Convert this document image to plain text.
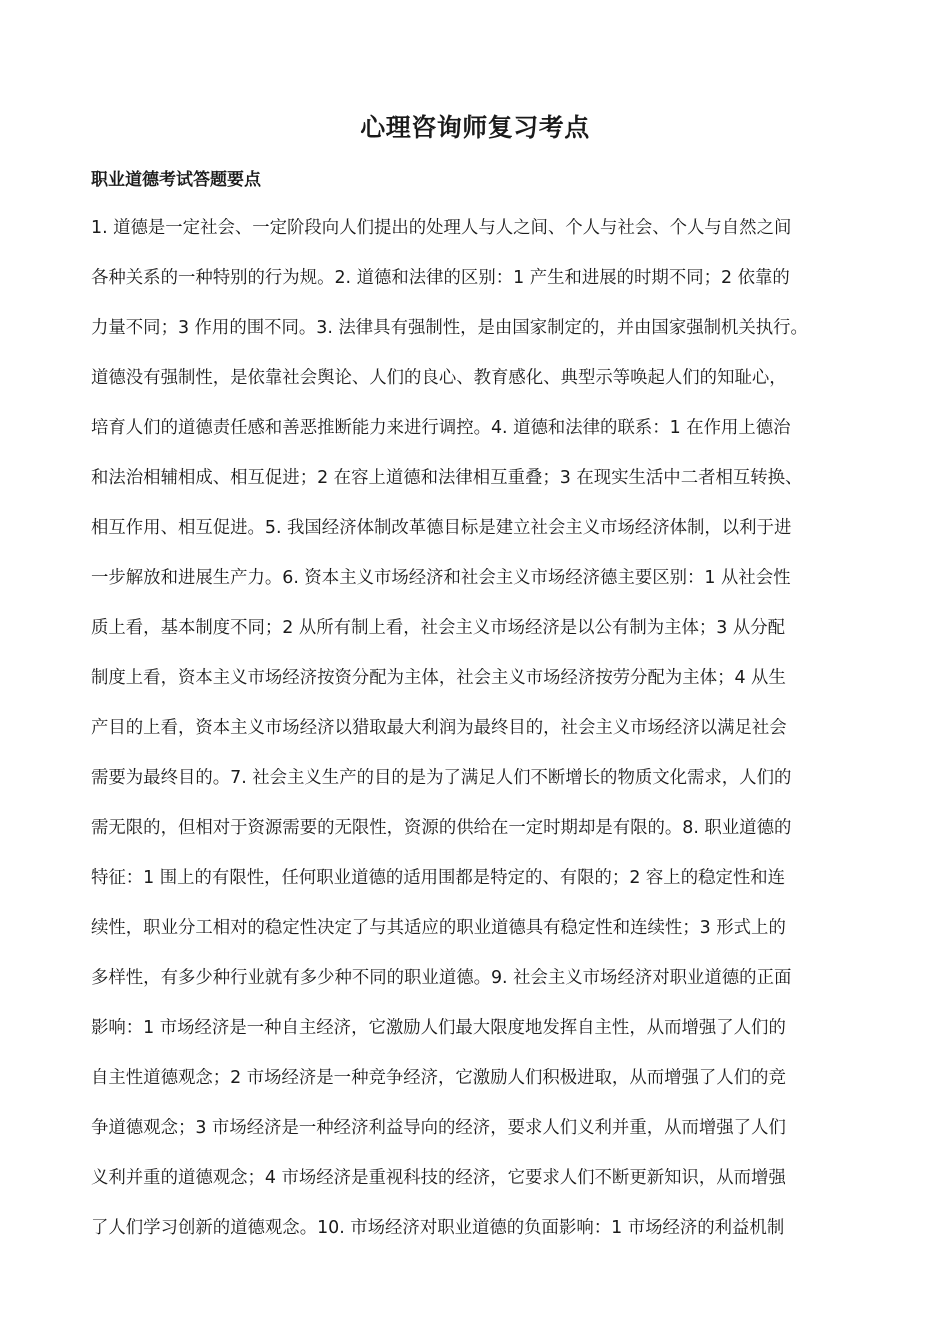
心理咨询师复习考点
职业道德考试答题要点

1. 道德是一定社会、一定阶段向人们提出的处理人与人之间、个人与社会、个人与自然之间

各种关系的一种特别的行为规。2. 道德和法律的区别：1 产生和进展的时期不同；2 依靠的

力量不同；3 作用的围不同。3. 法律具有强制性，是由国家制定的，并由国家强制机关执行。

道德没有强制性，是依靠社会舆论、人们的良心、教育感化、典型示等唤起人们的知耻心，

培育人们的道德责任感和善恶推断能力来进行调控。4. 道德和法律的联系：1 在作用上德治

和法治相辅相成、相互促进；2 在容上道德和法律相互重叠；3 在现实生活中二者相互转换、

相互作用、相互促进。5. 我国经济体制改革德目标是建立社会主义市场经济体制，以利于进

一步解放和进展生产力。6. 资本主义市场经济和社会主义市场经济德主要区别：1 从社会性

质上看，基本制度不同；2 从所有制上看，社会主义市场经济是以公有制为主体；3 从分配

制度上看，资本主义市场经济按资分配为主体，社会主义市场经济按劳分配为主体；4 从生

产目的上看，资本主义市场经济以猎取最大利润为最终目的，社会主义市场经济以满足社会

需要为最终目的。7. 社会主义生产的目的是为了满足人们不断增长的物质文化需求，人们的

需无限的，但相对于资源需要的无限性，资源的供给在一定时期却是有限的。8. 职业道德的

特征：1 围上的有限性，任何职业道德的适用围都是特定的、有限的；2 容上的稳定性和连

续性，职业分工相对的稳定性决定了与其适应的职业道德具有稳定性和连续性；3 形式上的

多样性，有多少种行业就有多少种不同的职业道德。9. 社会主义市场经济对职业道德的正面

影响：1 市场经济是一种自主经济，它激励人们最大限度地发挥自主性，从而增强了人们的

自主性道德观念；2 市场经济是一种竞争经济，它激励人们积极进取，从而增强了人们的竞

争道德观念；3 市场经济是一种经济利益导向的经济，要求人们义利并重，从而增强了人们

义利并重的道德观念；4 市场经济是重视科技的经济，它要求人们不断更新知识，从而增强

了人们学习创新的道德观念。10. 市场经济对职业道德的负面影响：1 市场经济的利益机制
